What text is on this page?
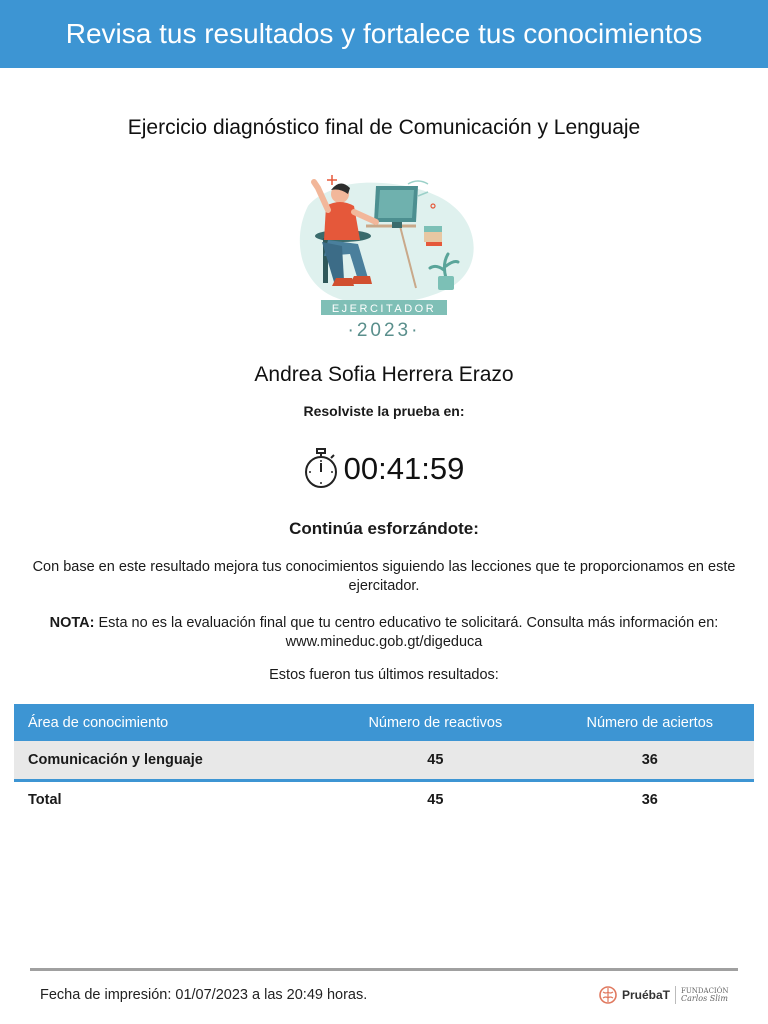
Revisa tus resultados y fortalece tus conocimientos
Ejercicio diagnóstico final de Comunicación y Lenguaje
EJERCITADOR
·2023·
Andrea Sofia Herrera Erazo
Resolviste la prueba en:
00:41:59
Continúa esforzándote:

Con base en este resultado mejora tus conocimientos siguiendo las lecciones que te proporcionamos en este ejercitador.

NOTA: Esta no es la evaluación final que tu centro educativo te solicitará. Consulta más información en: www.mineduc.gob.gt/digeduca

Estos fueron tus últimos resultados:
Área de conocimiento	Número de reactivos	Número de aciertos
Comunicación y lenguaje	45	36
Total	45	36
Fecha de impresión: 01/07/2023 a las 20:49 horas.	PruébaT FUNDACIÓN
Carlos Slim
